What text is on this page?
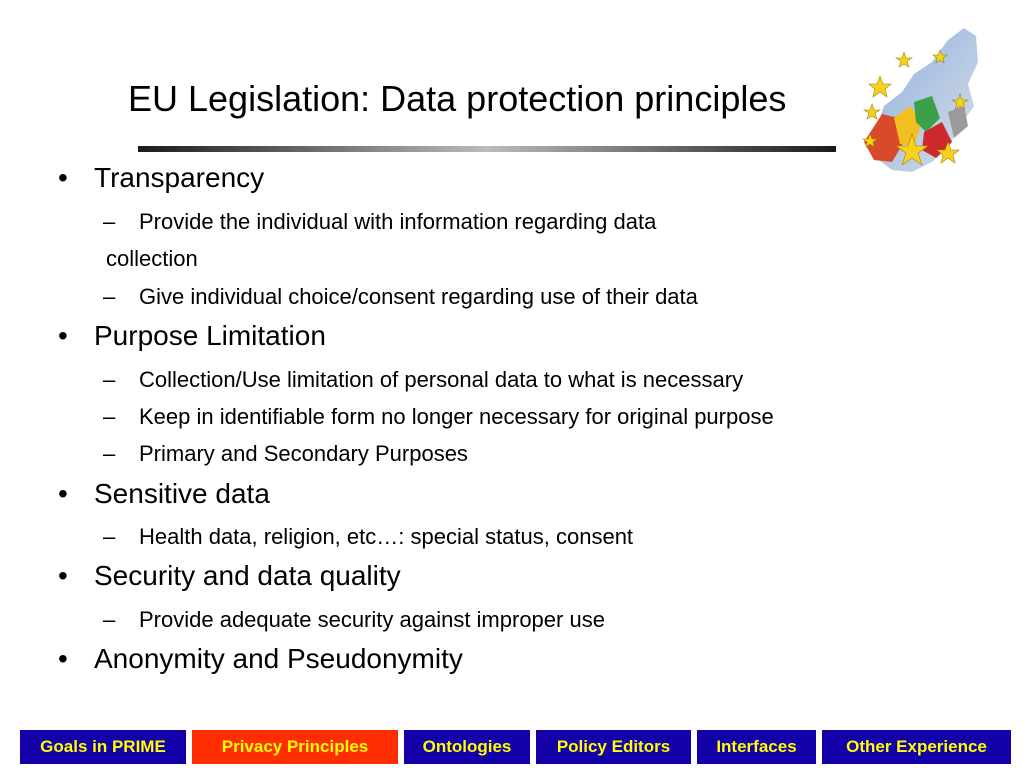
EU Legislation: Data protection principles
• Transparency
– Provide the individual with information regarding data
collection
– Give individual choice/consent regarding use of their data
• Purpose Limitation
– Collection/Use limitation of personal data to what is necessary
– Keep in identifiable form no longer necessary for original purpose
– Primary and Secondary Purposes
• Sensitive data
– Health data, religion, etc…: special status, consent
• Security and data quality
– Provide adequate security against improper use
• Anonymity and Pseudonymity
Goals in PRIME	Privacy Principles	Ontologies	Policy Editors	Interfaces	Other Experience
